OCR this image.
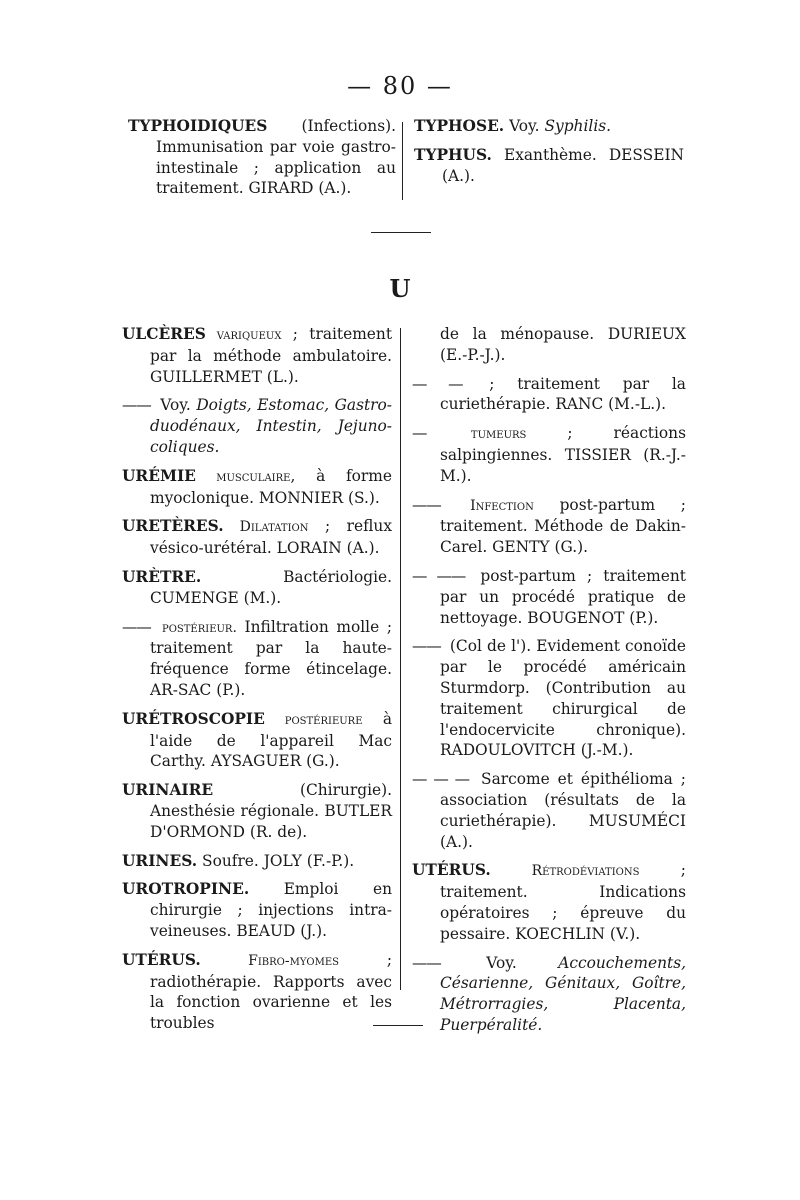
— 80 —

TYPHOIDIQUES (Infections). Immunisation par voie gastro-intestinale ; application au traitement. GIRARD (A.).

TYPHOSE. Voy. Syphilis.

TYPHUS. Exanthème. DESSEIN (A.).

U

ULCÈRES variqueux ; traitement par la méthode ambulatoire. GUILLERMET (L.).

—— Voy. Doigts, Estomac, Gastro-duodénaux, Intestin, Jejuno-coliques.

URÉMIE musculaire, à forme myoclonique. MONNIER (S.).

URETÈRES. Dilatation ; reflux vésico-urétéral. LORAIN (A.).

URÈTRE. Bactériologie. CUMENGE (M.).

—— postérieur. Infiltration molle ; traitement par la haute-fréquence forme étincelage. AR-SAC (P.).

URÉTROSCOPIE postérieure à l'aide de l'appareil Mac Carthy. AYSAGUER (G.).

URINAIRE (Chirurgie). Anesthésie régionale. BUTLER D'ORMOND (R. de).

URINES. Soufre. JOLY (F.-P.).

UROTROPINE. Emploi en chirurgie ; injections intra-veineuses. BEAUD (J.).

UTÉRUS. Fibro-myomes ; radiothérapie. Rapports avec la fonction ovarienne et les troubles

de la ménopause. DURIEUX (E.-P.-J.).

— — ; traitement par la curiethérapie. RANC (M.-L.).

— tumeurs ; réactions salpingiennes. TISSIER (R.-J.-M.).

—— Infection post-partum ; traitement. Méthode de Dakin-Carel. GENTY (G.).

— —— post-partum ; traitement par un procédé pratique de nettoyage. BOUGENOT (P.).

—— (Col de l'). Evidement conoïde par le procédé américain Sturmdorp. (Contribution au traitement chirurgical de l'endocervicite chronique). RADOULOVITCH (J.-M.).

— — — Sarcome et épithélioma ; association (résultats de la curiethérapie). MUSUMÉCI (A.).

UTÉRUS. Rétrodéviations ; traitement. Indications opératoires ; épreuve du pessaire. KOECHLIN (V.).

—— Voy. Accouchements, Césarienne, Génitaux, Goître, Métrorragies, Placenta, Puerpéralité.
